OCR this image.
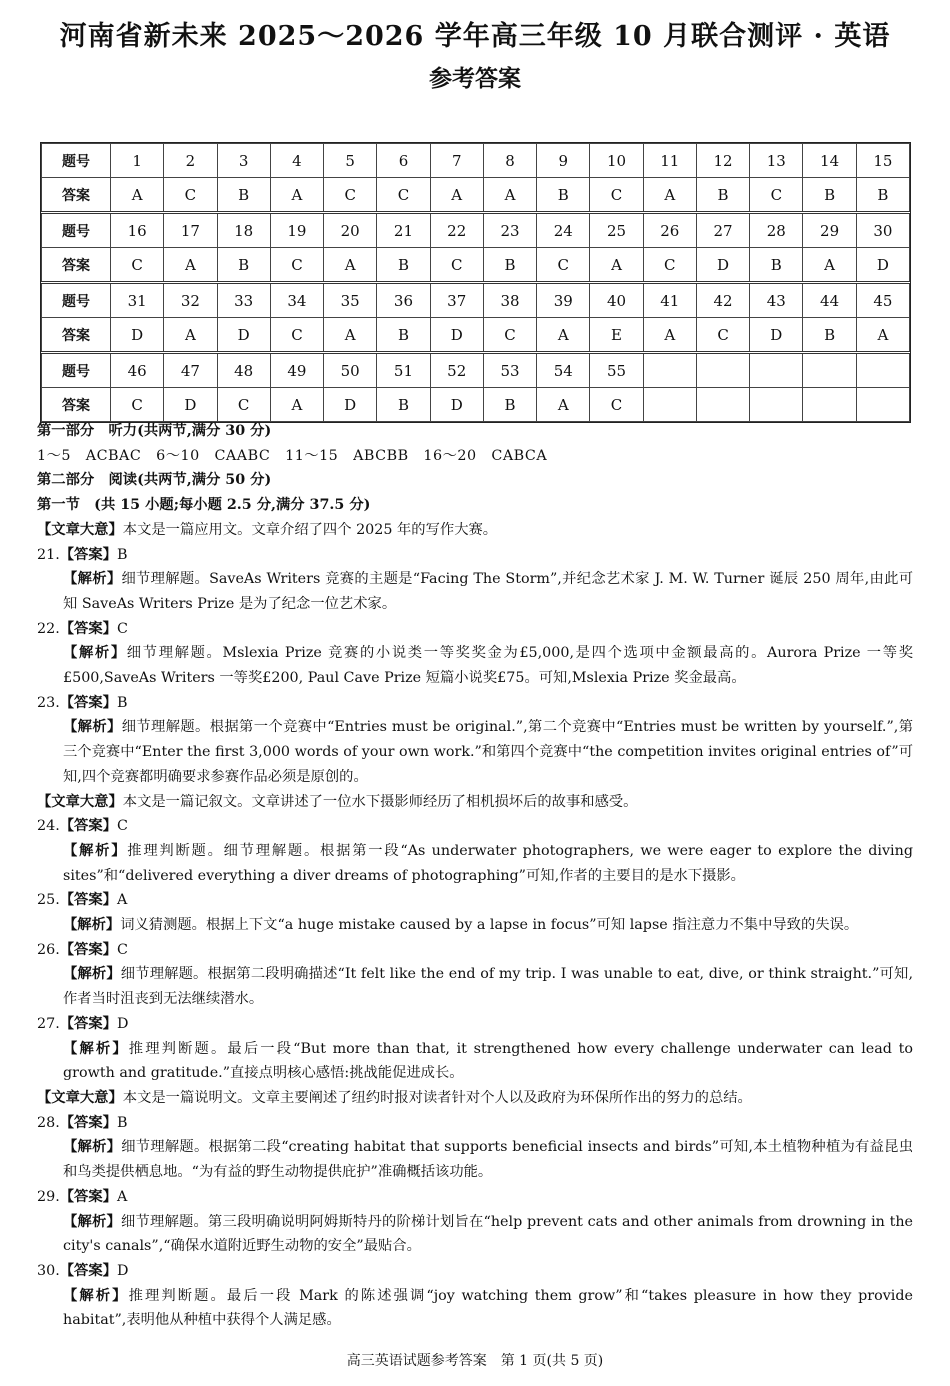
河南省新未来 2025～2026 学年高三年级 10 月联合测评 · 英语
参考答案
题号	1	2	3	4	5	6	7	8	9	10	11	12	13	14	15
答案	A	C	B	A	C	C	A	A	B	C	A	B	C	B	B
题号	16	17	18	19	20	21	22	23	24	25	26	27	28	29	30
答案	C	A	B	C	A	B	C	B	C	A	C	D	B	A	D
题号	31	32	33	34	35	36	37	38	39	40	41	42	43	44	45
答案	D	A	D	C	A	B	D	C	A	E	A	C	D	B	A
题号	46	47	48	49	50	51	52	53	54	55					
答案	C	D	C	A	D	B	D	B	A	C					

第一部分　听力(共两节,满分 30 分)

1～5　ACBAC　6～10　CAABC　11～15　ABCBB　16～20　CABCA

第二部分　阅读(共两节,满分 50 分)

第一节　(共 15 小题;每小题 2.5 分,满分 37.5 分)

【文章大意】本文是一篇应用文。文章介绍了四个 2025 年的写作大赛。

21.【答案】B

【解析】细节理解题。SaveAs Writers 竞赛的主题是“Facing The Storm”,并纪念艺术家 J. M. W. Turner 诞辰 250 周年,由此可知 SaveAs Writers Prize 是为了纪念一位艺术家。

22.【答案】C

【解析】细节理解题。Mslexia Prize 竞赛的小说类一等奖奖金为£5,000,是四个选项中金额最高的。Aurora Prize 一等奖£500,SaveAs Writers 一等奖£200, Paul Cave Prize 短篇小说奖£75。可知,Mslexia Prize 奖金最高。

23.【答案】B

【解析】细节理解题。根据第一个竞赛中“Entries must be original.”,第二个竞赛中“Entries must be written by yourself.”,第三个竞赛中“Enter the first 3,000 words of your own work.”和第四个竞赛中“the competition invites original entries of”可知,四个竞赛都明确要求参赛作品必须是原创的。

【文章大意】本文是一篇记叙文。文章讲述了一位水下摄影师经历了相机损坏后的故事和感受。

24.【答案】C

【解析】推理判断题。细节理解题。根据第一段“As underwater photographers, we were eager to explore the diving sites”和“delivered everything a diver dreams of photographing”可知,作者的主要目的是水下摄影。

25.【答案】A

【解析】词义猜测题。根据上下文“a huge mistake caused by a lapse in focus”可知 lapse 指注意力不集中导致的失误。

26.【答案】C

【解析】细节理解题。根据第二段明确描述“It felt like the end of my trip. I was unable to eat, dive, or think straight.”可知,作者当时沮丧到无法继续潜水。

27.【答案】D

【解析】推理判断题。最后一段“But more than that, it strengthened how every challenge underwater can lead to growth and gratitude.”直接点明核心感悟:挑战能促进成长。

【文章大意】本文是一篇说明文。文章主要阐述了纽约时报对读者针对个人以及政府为环保所作出的努力的总结。

28.【答案】B

【解析】细节理解题。根据第二段“creating habitat that supports beneficial insects and birds”可知,本土植物种植为有益昆虫和鸟类提供栖息地。“为有益的野生动物提供庇护”准确概括该功能。

29.【答案】A

【解析】细节理解题。第三段明确说明阿姆斯特丹的阶梯计划旨在“help prevent cats and other animals from drowning in the city's canals”,“确保水道附近野生动物的安全”最贴合。

30.【答案】D

【解析】推理判断题。最后一段 Mark 的陈述强调“joy watching them grow”和“takes pleasure in how they provide habitat”,表明他从种植中获得个人满足感。

高三英语试题参考答案　第 1 页(共 5 页)
